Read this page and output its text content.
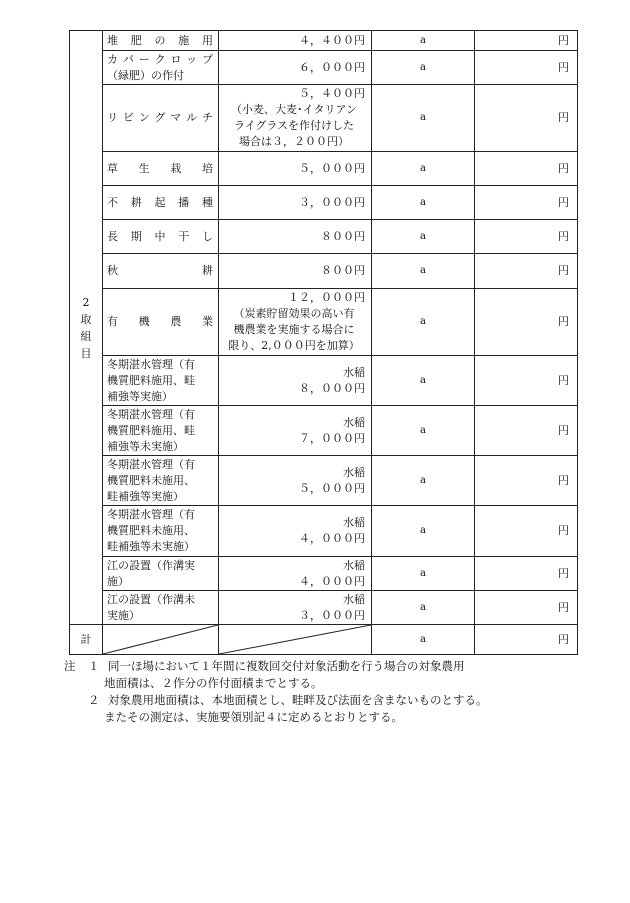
2
取
組
目	堆 肥 の 施 用	４，４００円	a	円

	カバークロップ
（緑肥）の作付	６，０００円	a	円

	リビングマルチ	５，４００円
（小麦、大麦･イタリアン
ライグラスを作付けした
場合は３，２００円）	a	円

	草 生 栽 培	５，０００円	a	円

	不 耕 起 播 種	３，０００円	a	円

	長 期 中 干 し	８００円	a	円

	秋　　　　　耕	８００円	a	円

	有 機 農 業	１２，０００円
（炭素貯留効果の高い有
機農業を実施する場合に
限り、2,０００円を加算）	a	円

	冬期湛水管理（有
機質肥料施用、畦
補強等実施）	水稲
８，０００円	a	円

	冬期湛水管理（有
機質肥料施用、畦
補強等未実施）	水稲
７，０００円	a	円

	冬期湛水管理（有
機質肥料未施用、
畦補強等実施）	水稲
５，０００円	a	円

	冬期湛水管理（有
機質肥料未施用、
畦補強等未実施）	水稲
４，０００円	a	円

	江の設置（作溝実
施）	水稲
４，０００円	a	円

	江の設置（作溝未
実施）	水稲
３，０００円	a	円
計			a	円
注	１ 同一ほ場において１年間に複数回交付対象活動を行う場合の対象農用
地面積は、２作分の作付面積までとする。
２ 対象農用地面積は、本地面積とし、畦畔及び法面を含まないものとする。
またその測定は、実施要領別記４に定めるとおりとする。
